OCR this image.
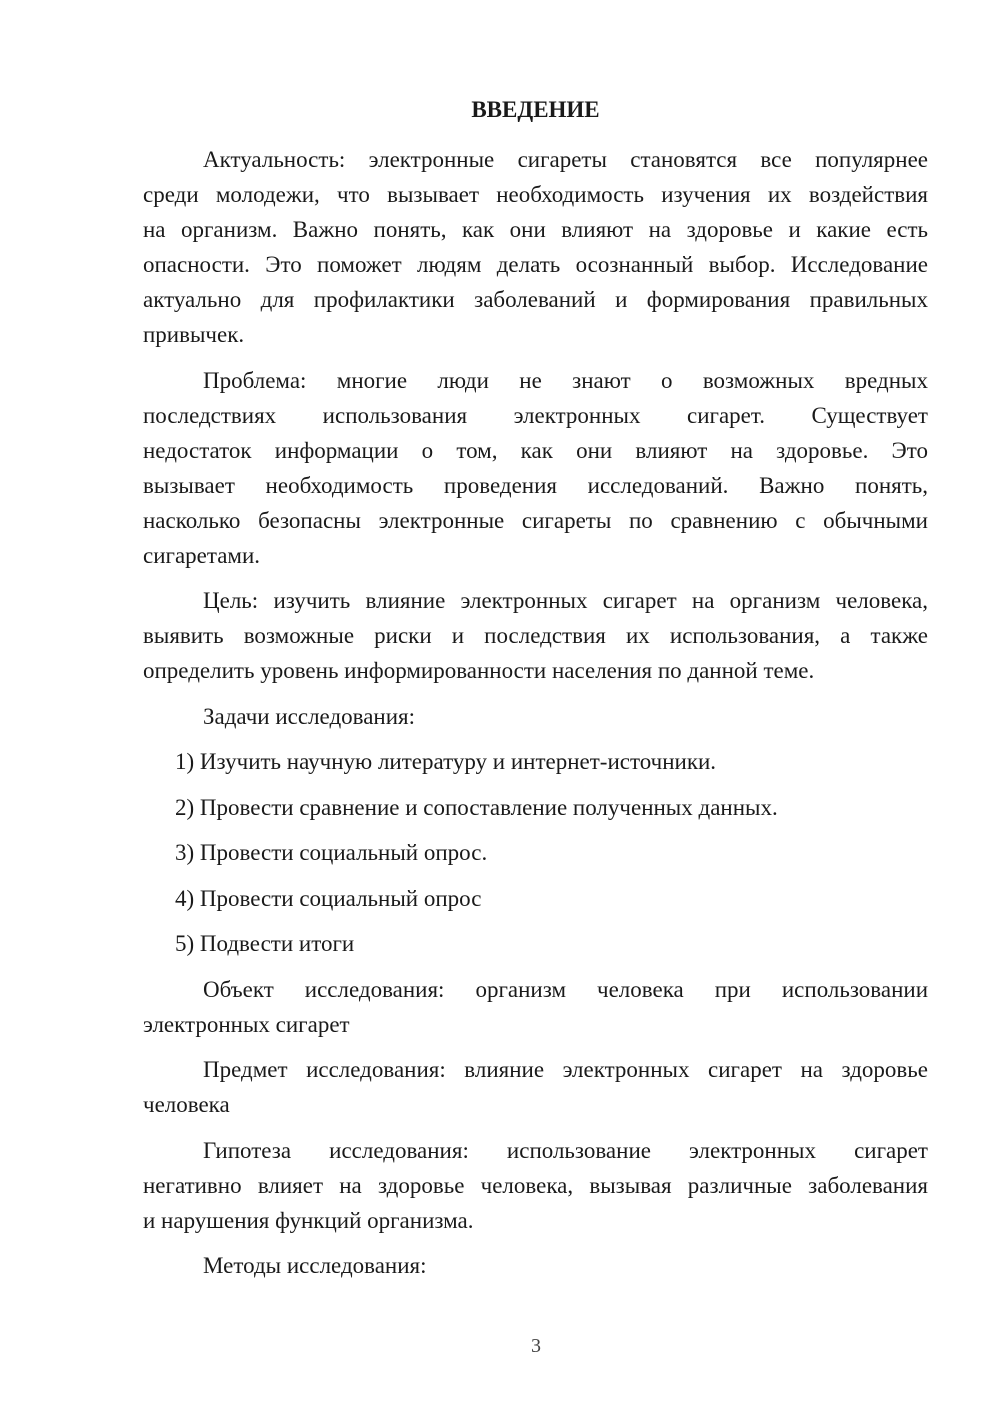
ВВЕДЕНИЕ
Актуальность: электронные сигареты становятся все популярнее
среди молодежи, что вызывает необходимость изучения их воздействия
на организм. Важно понять, как они влияют на здоровье и какие есть
опасности. Это поможет людям делать осознанный выбор. Исследование
актуально для профилактики заболеваний и формирования правильных
привычек.
Проблема: многие люди не знают о возможных вредных
последствиях использования электронных сигарет. Существует
недостаток информации о том, как они влияют на здоровье. Это
вызывает необходимость проведения исследований. Важно понять,
насколько безопасны электронные сигареты по сравнению с обычными
сигаретами.
Цель: изучить влияние электронных сигарет на организм человека,
выявить возможные риски и последствия их использования, а также
определить уровень информированности населения по данной теме.
Задачи исследования:
1) Изучить научную литературу и интернет-источники.
2) Провести сравнение и сопоставление полученных данных.
3) Провести социальный опрос.
4) Провести социальный опрос
5) Подвести итоги
Объект исследования: организм человека при использовании
электронных сигарет
Предмет исследования: влияние электронных сигарет на здоровье
человека
Гипотеза исследования: использование электронных сигарет
негативно влияет на здоровье человека, вызывая различные заболевания
и нарушения функций организма.
Методы исследования:
3
